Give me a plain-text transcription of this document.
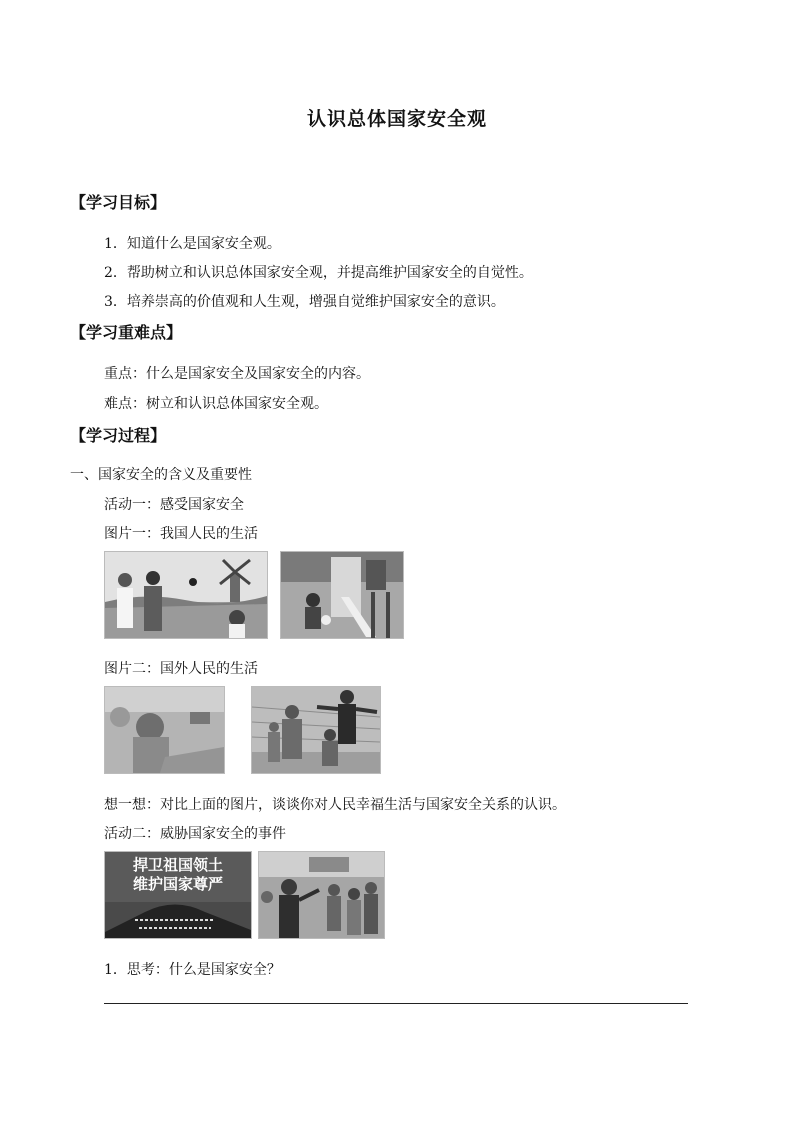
认识总体国家安全观
【学习目标】
1．知道什么是国家安全观。
2．帮助树立和认识总体国家安全观，并提高维护国家安全的自觉性。
3．培养崇高的价值观和人生观，增强自觉维护国家安全的意识。
【学习重难点】
重点：什么是国家安全及国家安全的内容。
难点：树立和认识总体国家安全观。
【学习过程】
一、国家安全的含义及重要性
活动一：感受国家安全
图片一：我国人民的生活
图片二：国外人民的生活
想一想：对比上面的图片，谈谈你对人民幸福生活与国家安全关系的认识。
活动二：威胁国家安全的事件
捍卫祖国领土
维护国家尊严
1．思考：什么是国家安全？
